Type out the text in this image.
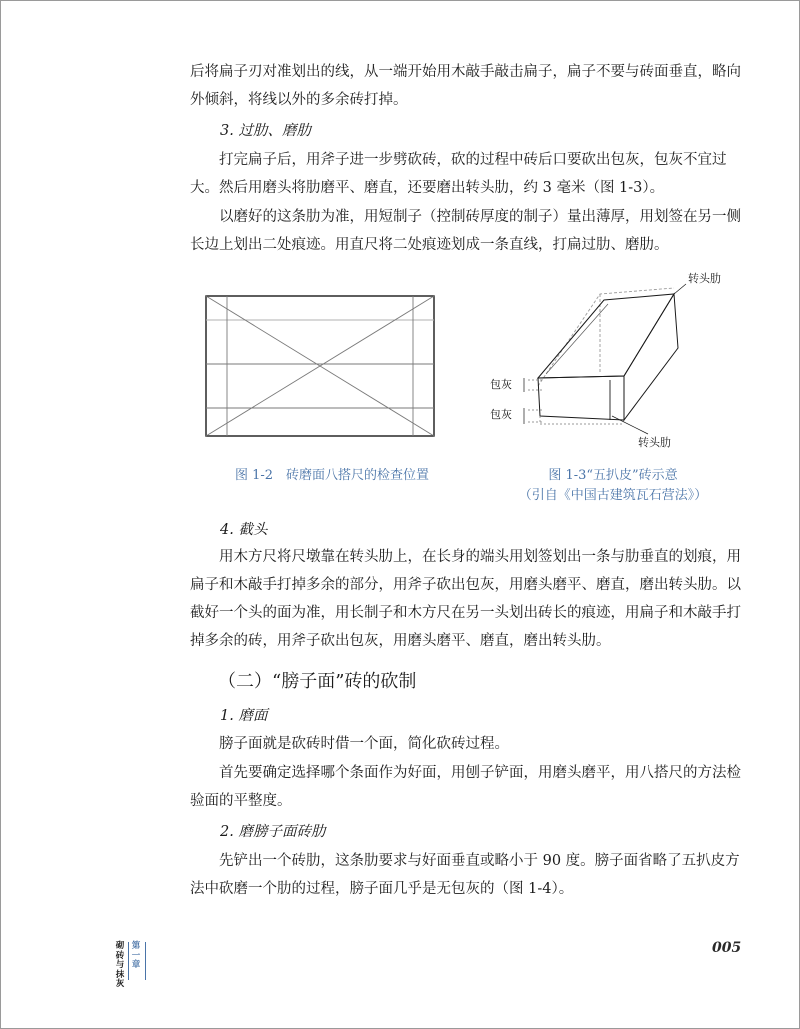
后将扁子刃对准划出的线，从一端开始用木敲手敲击扁子，扁子不要与砖面垂直，略向外倾斜，将线以外的多余砖打掉。

3. 过肋、磨肋

打完扁子后，用斧子进一步劈砍砖，砍的过程中砖后口要砍出包灰，包灰不宜过大。然后用磨头将肋磨平、磨直，还要磨出转头肋，约 3 毫米（图 1-3）。

以磨好的这条肋为准，用短制子（控制砖厚度的制子）量出薄厚，用划签在另一侧长边上划出二处痕迹。用直尺将二处痕迹划成一条直线，打扁过肋、磨肋。

转头肋
包灰
包灰
转头肋
图 1-2　砖磨面八搭尺的检查位置	图 1-3“五扒皮”砖示意
（引自《中国古建筑瓦石营法》）

4. 截头

用木方尺将尺墩靠在转头肋上，在长身的端头用划签划出一条与肋垂直的划痕，用扁子和木敲手打掉多余的部分，用斧子砍出包灰，用磨头磨平、磨直，磨出转头肋。以截好一个头的面为准，用长制子和木方尺在另一头划出砖长的痕迹，用扁子和木敲手打掉多余的砖，用斧子砍出包灰，用磨头磨平、磨直，磨出转头肋。

（二）“膀子面”砖的砍制

1. 磨面

膀子面就是砍砖时借一个面，简化砍砖过程。

首先要确定选择哪个条面作为好面，用刨子铲面，用磨头磨平，用八搭尺的方法检验面的平整度。

2. 磨膀子面砖肋

先铲出一个砖肋，这条肋要求与好面垂直或略小于 90 度。膀子面省略了五扒皮方法中砍磨一个肋的过程，膀子面几乎是无包灰的（图 1-4）。

砌砖与抹灰
第一章
005
